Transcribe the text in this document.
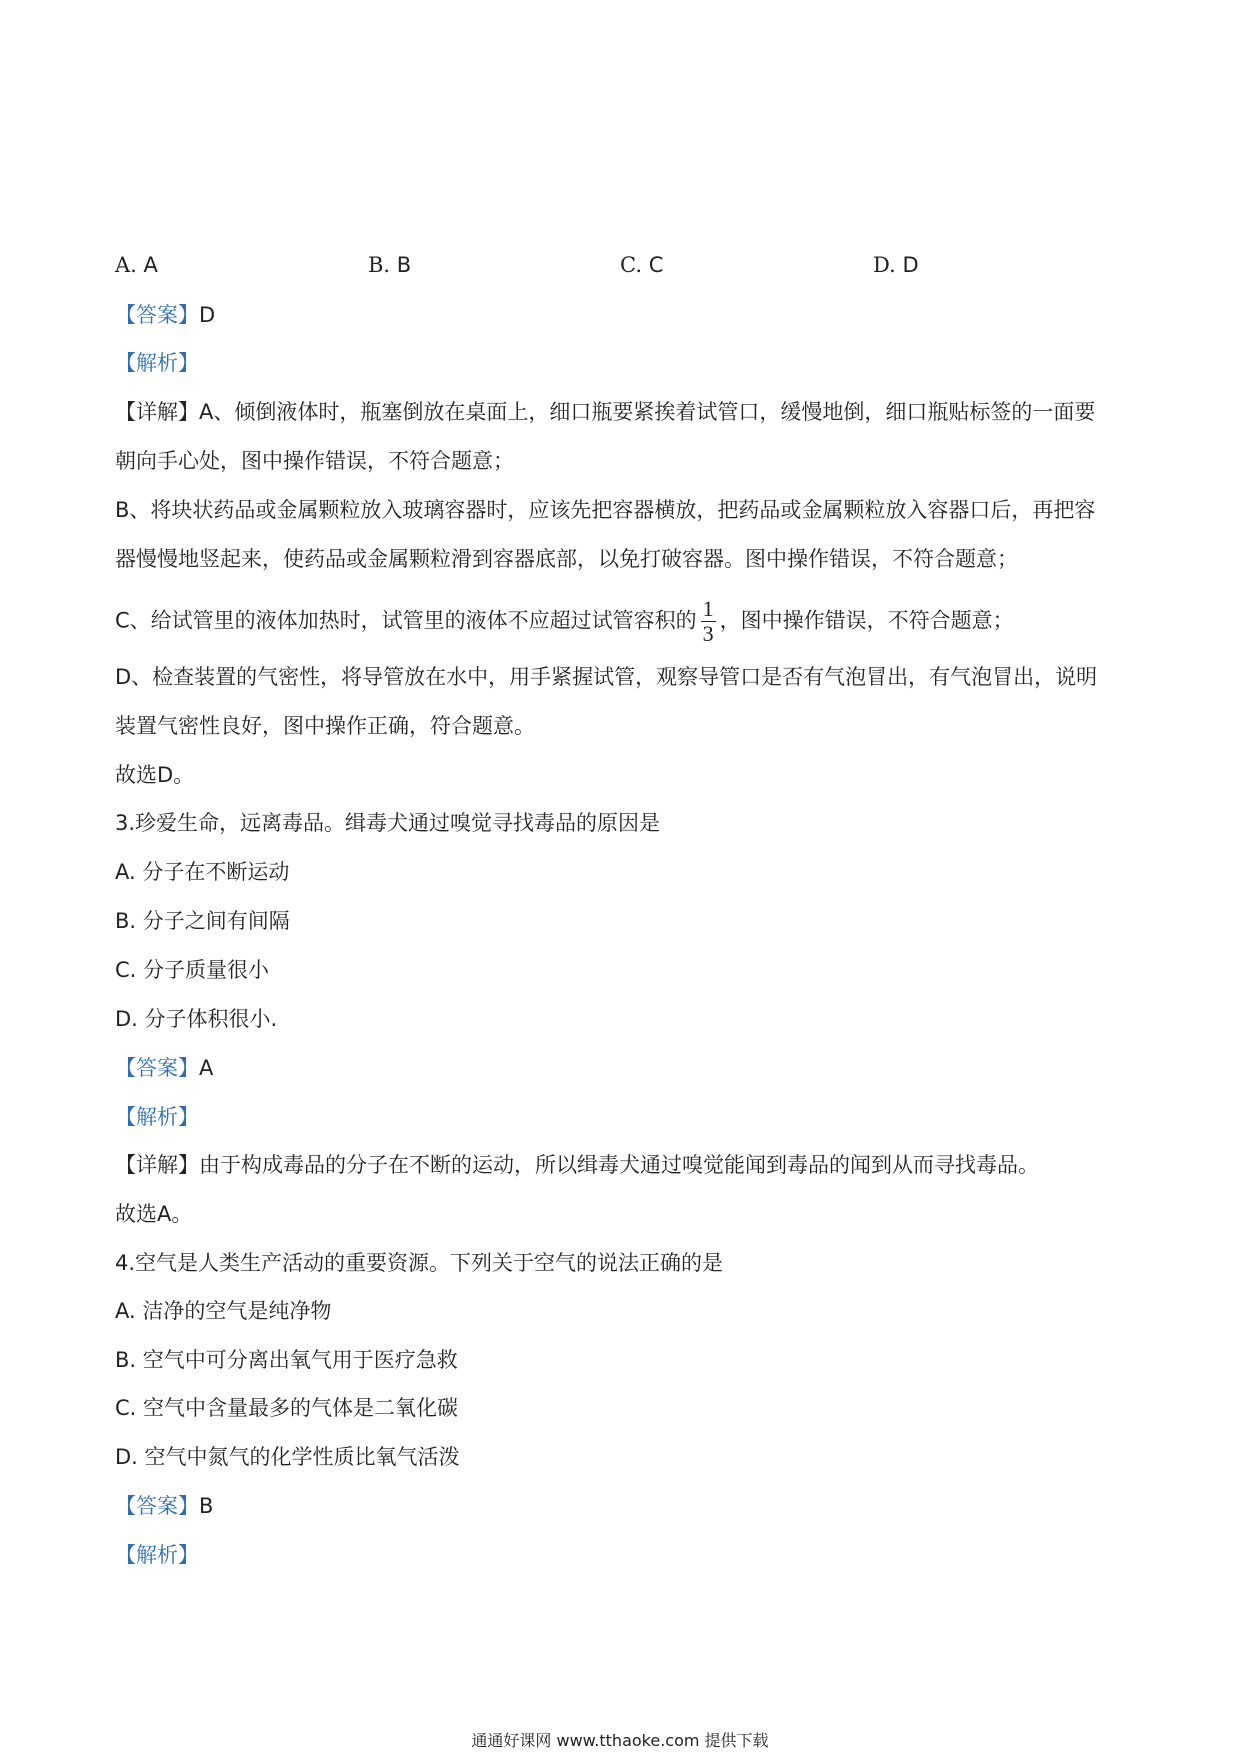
A. A	B. B	C. C	D. D
【答案】D
【解析】
【详解】A、倾倒液体时，瓶塞倒放在桌面上，细口瓶要紧挨着试管口，缓慢地倒，细口瓶贴标签的一面要
朝向手心处，图中操作错误，不符合题意；
B、将块状药品或金属颗粒放入玻璃容器时，应该先把容器横放，把药品或金属颗粒放入容器口后，再把容
器慢慢地竖起来，使药品或金属颗粒滑到容器底部，以免打破容器。图中操作错误，不符合题意；
C、给试管里的液体加热时，试管里的液体不应超过试管容积的 $\frac{1}{3}$ ，图中操作错误，不符合题意；
D、检查装置的气密性，将导管放在水中，用手紧握试管，观察导管口是否有气泡冒出，有气泡冒出，说明
装置气密性良好，图中操作正确，符合题意。
故选D。
3.珍爱生命，远离毒品。缉毒犬通过嗅觉寻找毒品的原因是
A. 分子在不断运动
B. 分子之间有间隔
C. 分子质量很小
D. 分子体积很小.
【答案】A
【解析】
【详解】由于构成毒品的分子在不断的运动，所以缉毒犬通过嗅觉能闻到毒品的闻到从而寻找毒品。
故选A。
4.空气是人类生产活动的重要资源。下列关于空气的说法正确的是
A. 洁净的空气是纯净物
B. 空气中可分离出氧气用于医疗急救
C. 空气中含量最多的气体是二氧化碳
D. 空气中氮气的化学性质比氧气活泼
【答案】B
【解析】
通通好课网 www.tthaoke.com 提供下载
